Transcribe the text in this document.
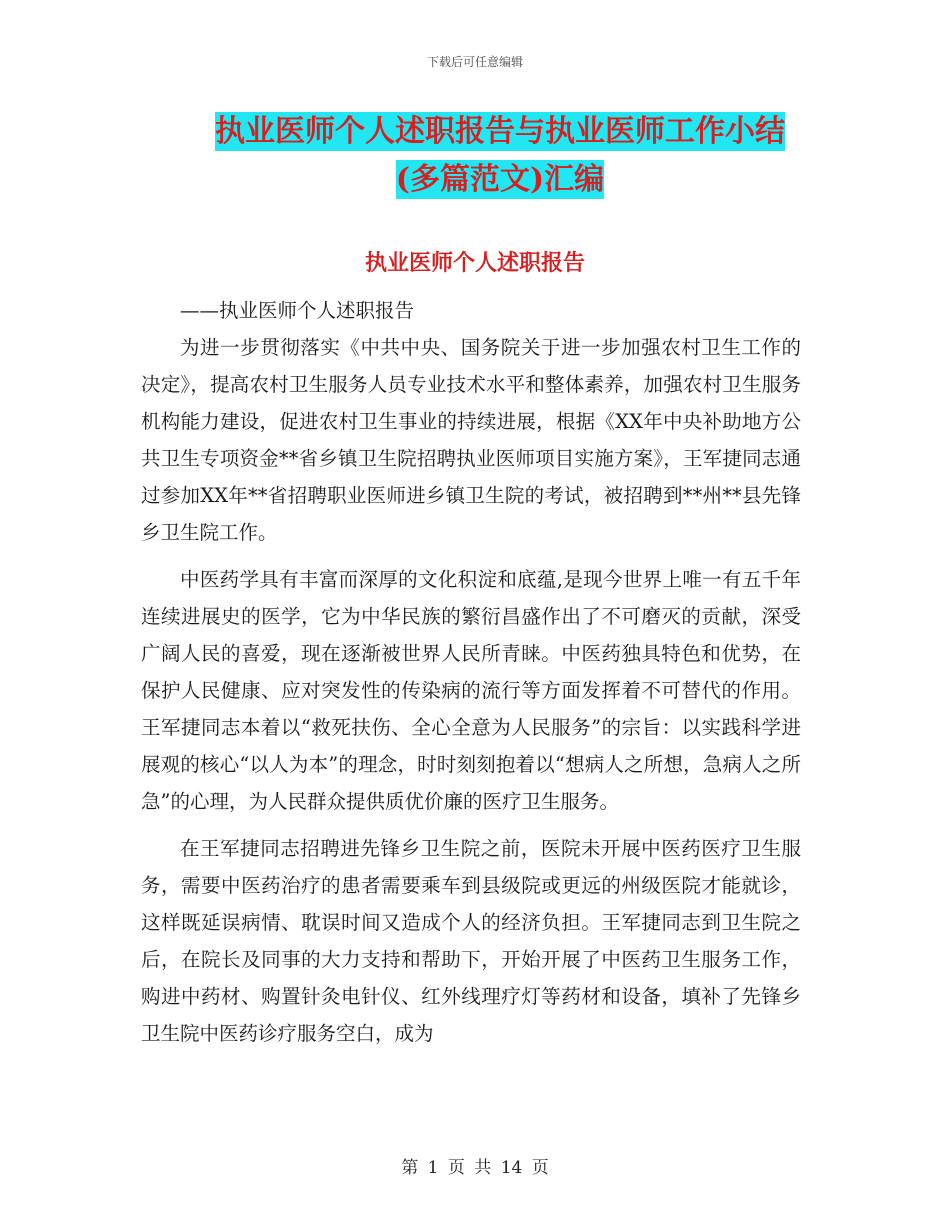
下载后可任意编辑
执业医师个人述职报告与执业医师工作小结(多篇范文)汇编
执业医师个人述职报告

——执业医师个人述职报告

为进一步贯彻落实《中共中央、国务院关于进一步加强农村卫生工作的决定》，提高农村卫生服务人员专业技术水平和整体素养，加强农村卫生服务机构能力建设，促进农村卫生事业的持续进展，根据《XX年中央补助地方公共卫生专项资金**省乡镇卫生院招聘执业医师项目实施方案》，王军捷同志通过参加XX年**省招聘职业医师进乡镇卫生院的考试，被招聘到**州**县先锋乡卫生院工作。

中医药学具有丰富而深厚的文化积淀和底蕴,是现今世界上唯一有五千年连续进展史的医学，它为中华民族的繁衍昌盛作出了不可磨灭的贡献，深受广阔人民的喜爱，现在逐渐被世界人民所青睐。中医药独具特色和优势，在保护人民健康、应对突发性的传染病的流行等方面发挥着不可替代的作用。王军捷同志本着以“救死扶伤、全心全意为人民服务”的宗旨：以实践科学进展观的核心“以人为本”的理念，时时刻刻抱着以“想病人之所想，急病人之所急”的心理，为人民群众提供质优价廉的医疗卫生服务。

在王军捷同志招聘进先锋乡卫生院之前，医院未开展中医药医疗卫生服务，需要中医药治疗的患者需要乘车到县级院或更远的州级医院才能就诊，这样既延误病情、耽误时间又造成个人的经济负担。王军捷同志到卫生院之后，在院长及同事的大力支持和帮助下，开始开展了中医药卫生服务工作，购进中药材、购置针灸电针仪、红外线理疗灯等药材和设备，填补了先锋乡卫生院中医药诊疗服务空白，成为

第 1 页 共 14 页
